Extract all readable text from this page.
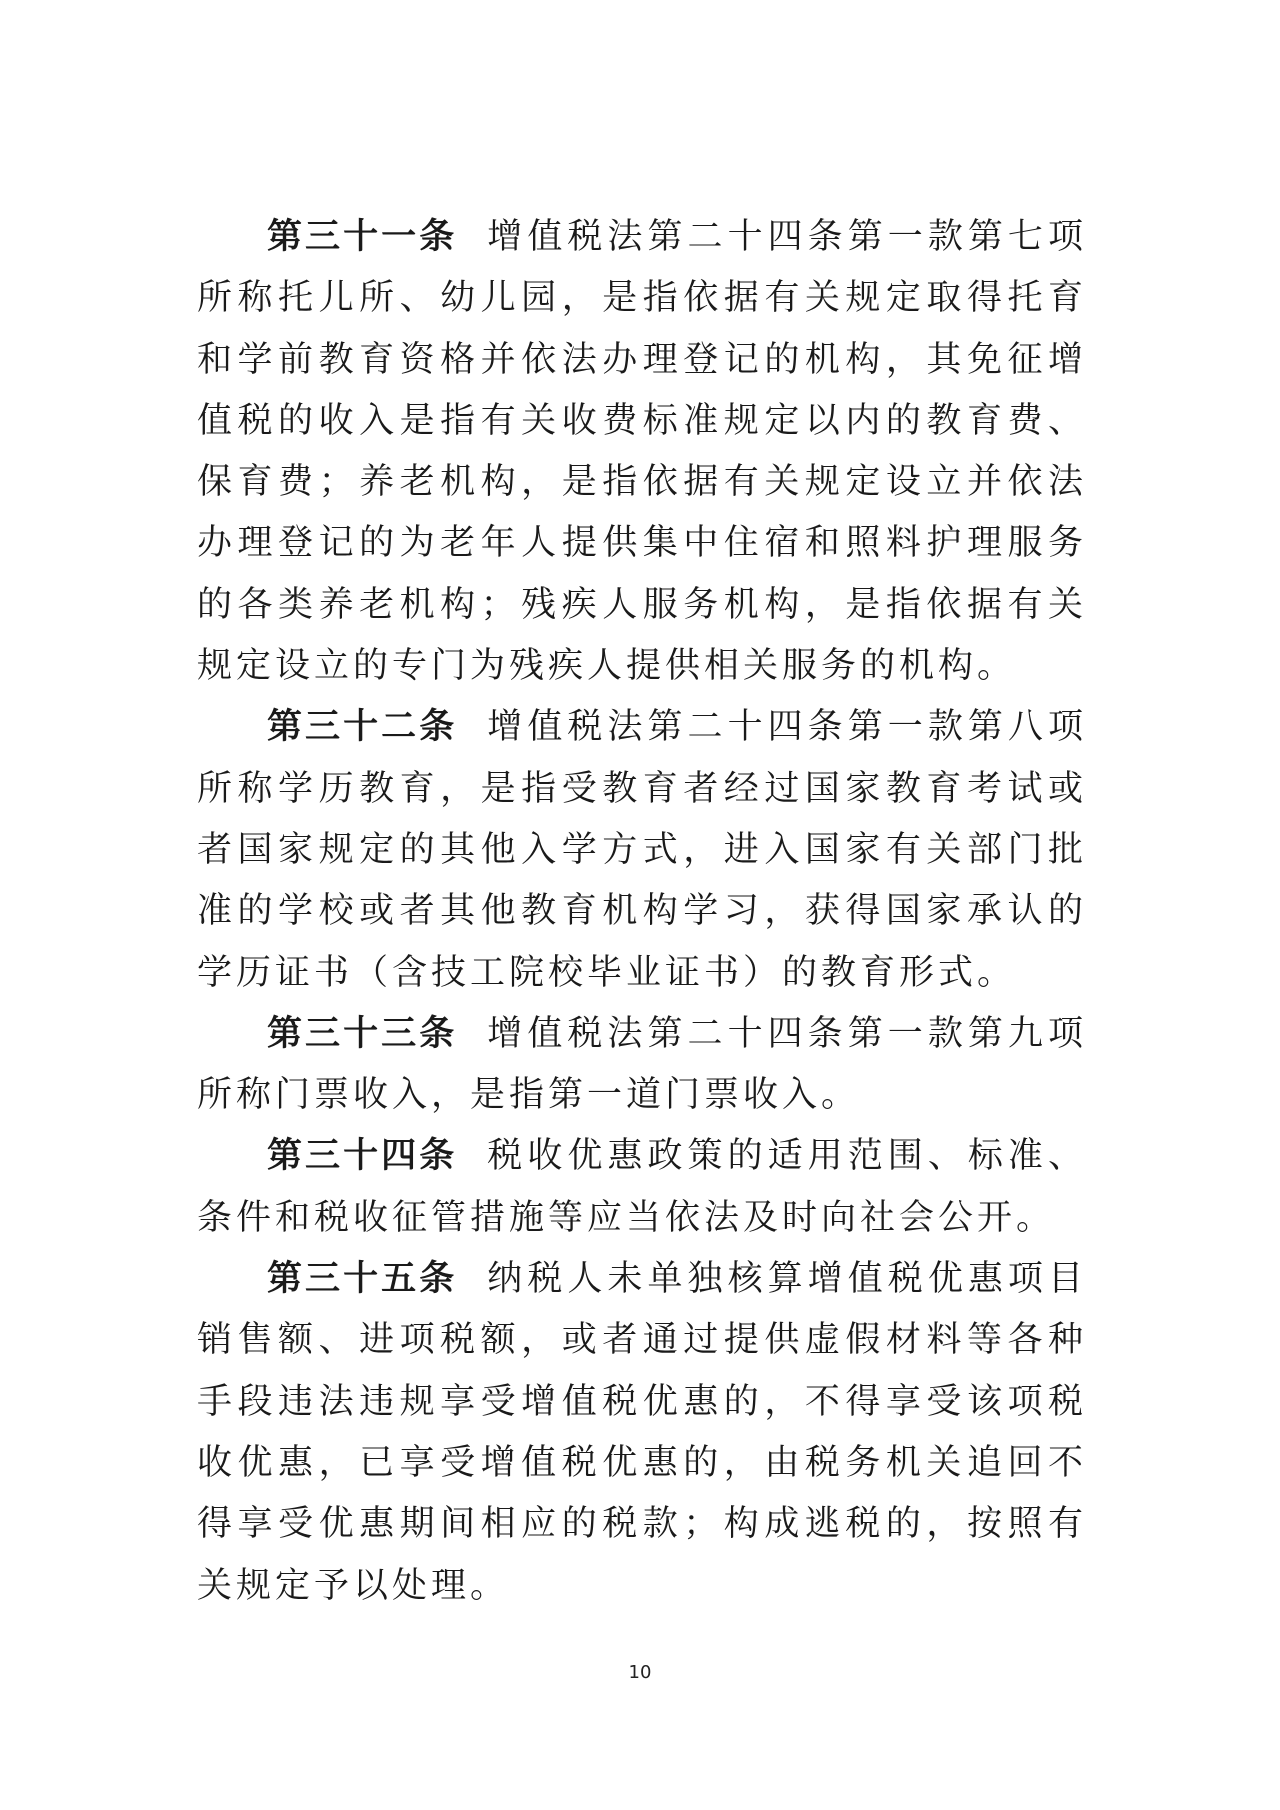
第三十一条 增值税法第二十四条第一款第七项所称托儿所、幼儿园，是指依据有关规定取得托育和学前教育资格并依法办理登记的机构，其免征增值税的收入是指有关收费标准规定以内的教育费、保育费；养老机构，是指依据有关规定设立并依法办理登记的为老年人提供集中住宿和照料护理服务的各类养老机构；残疾人服务机构，是指依据有关规定设立的专门为残疾人提供相关服务的机构。

第三十二条 增值税法第二十四条第一款第八项所称学历教育，是指受教育者经过国家教育考试或者国家规定的其他入学方式，进入国家有关部门批准的学校或者其他教育机构学习，获得国家承认的学历证书（含技工院校毕业证书）的教育形式。

第三十三条 增值税法第二十四条第一款第九项所称门票收入，是指第一道门票收入。

第三十四条 税收优惠政策的适用范围、标准、条件和税收征管措施等应当依法及时向社会公开。

第三十五条 纳税人未单独核算增值税优惠项目销售额、进项税额，或者通过提供虚假材料等各种手段违法违规享受增值税优惠的，不得享受该项税收优惠，已享受增值税优惠的，由税务机关追回不得享受优惠期间相应的税款；构成逃税的，按照有关规定予以处理。

10
